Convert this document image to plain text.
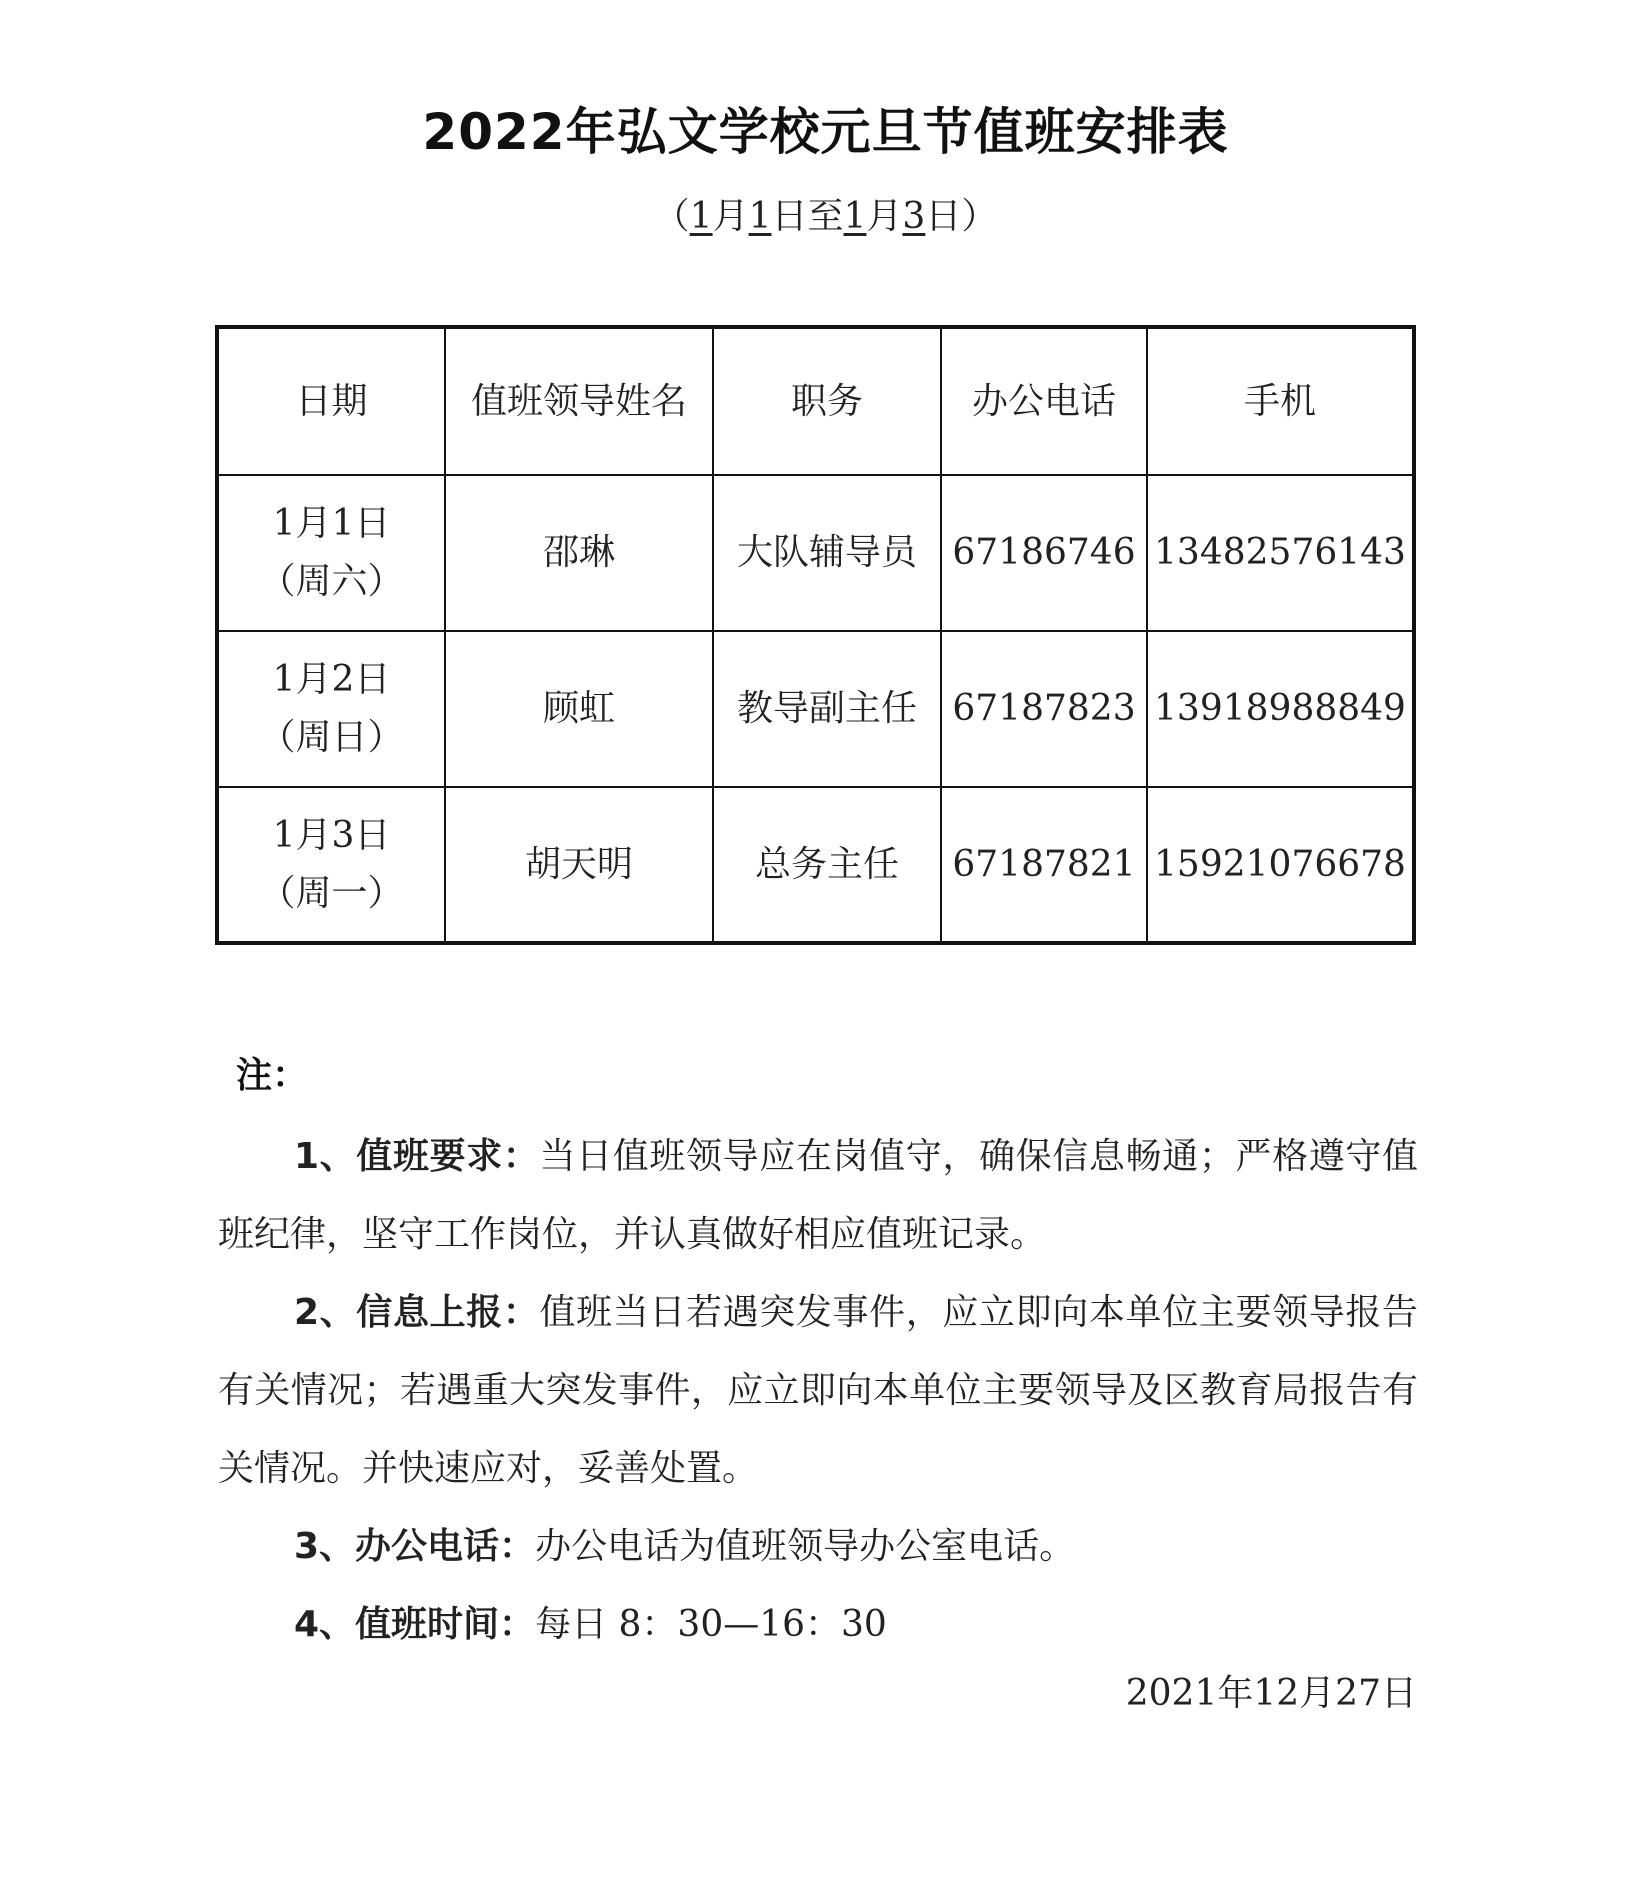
2022年弘文学校元旦节值班安排表
（1月1日至1月3日）
日期	值班领导姓名	职务	办公电话	手机

1月1日
（周六）	邵琳	大队辅导员	67186746	13482576143

1月2日
（周日）	顾虹	教导副主任	67187823	13918988849

1月3日
（周一）	胡天明	总务主任	67187821	15921076678
注：

1、值班要求：当日值班领导应在岗值守，确保信息畅通；严格遵守值班纪律，坚守工作岗位，并认真做好相应值班记录。

2、信息上报：值班当日若遇突发事件，应立即向本单位主要领导报告有关情况；若遇重大突发事件，应立即向本单位主要领导及区教育局报告有关情况。并快速应对，妥善处置。

3、办公电话：办公电话为值班领导办公室电话。

4、值班时间：每日 8：30—16：30

2021年12月27日
